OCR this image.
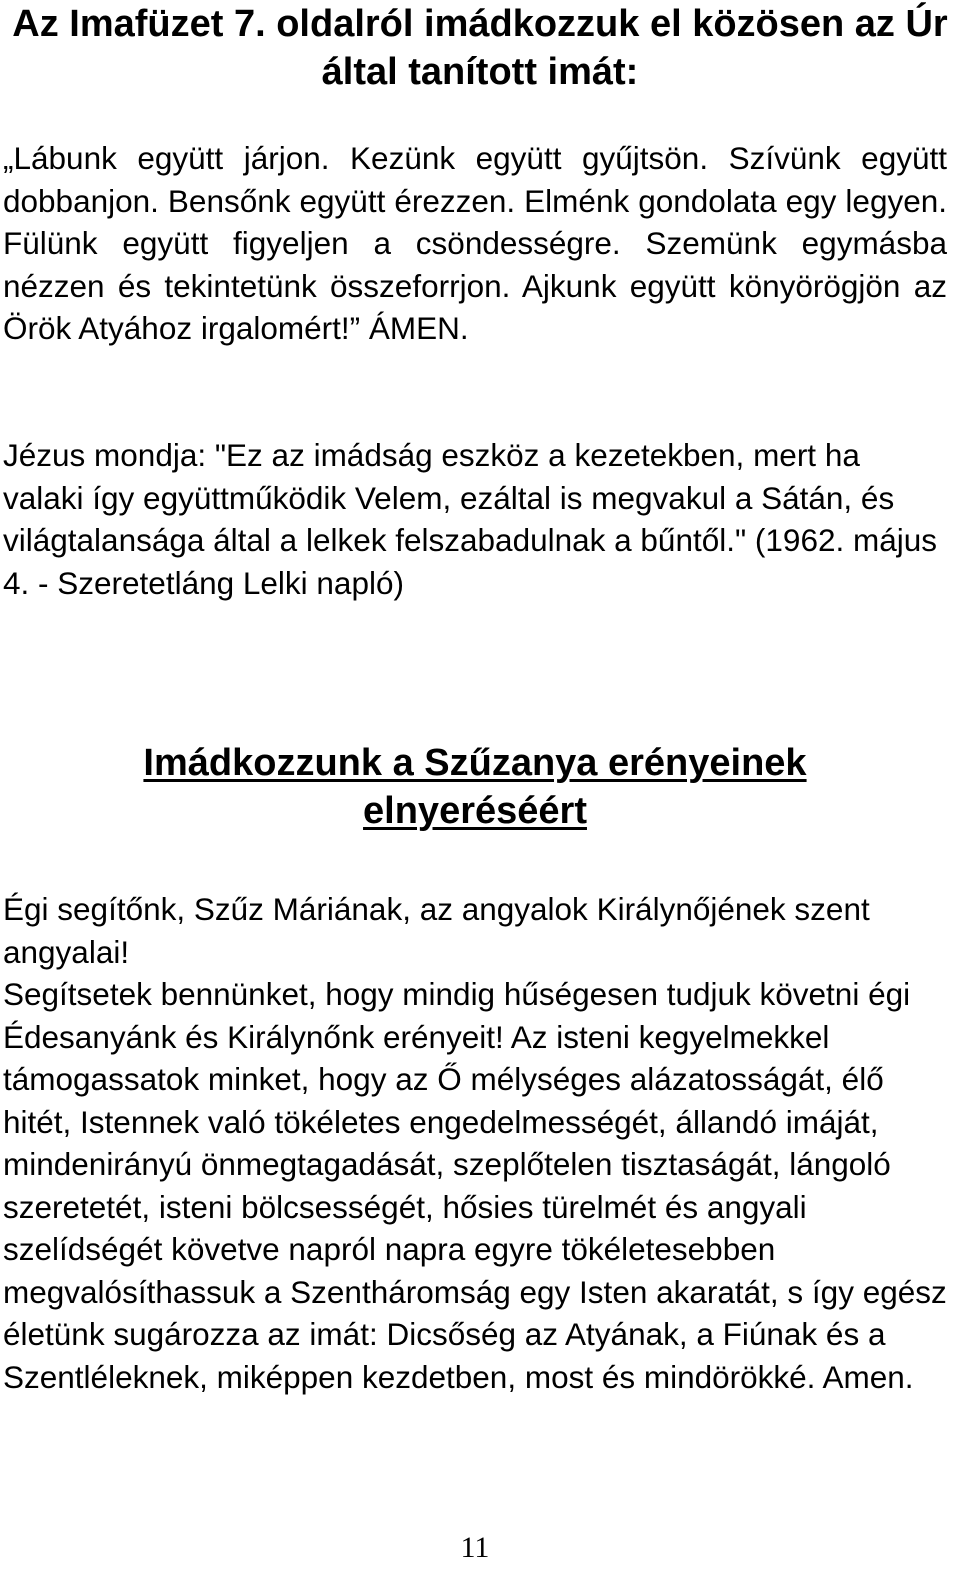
Az Imafüzet 7. oldalról imádkozzuk el közösen az Úr által tanított imát:

„Lábunk együtt járjon. Kezünk együtt gyűjtsön. Szívünk együtt dobbanjon. Bensőnk együtt érezzen. Elménk gondolata egy legyen. Fülünk együtt figyeljen a csöndességre. Szemünk egymásba nézzen és tekintetünk összeforrjon. Ajkunk együtt könyörögjön az Örök Atyához irgalomért!” ÁMEN.

Jézus mondja: "Ez az imádság eszköz a kezetekben, mert ha valaki így együttműködik Velem, ezáltal is megvakul a Sátán, és világtalansága által a lelkek felszabadulnak a bűntől." (1962. május 4. - Szeretetláng Lelki napló)

Imádkozzunk a Szűzanya erényeinek elnyeréséért

Égi segítőnk, Szűz Máriának, az angyalok Királynőjének szent angyalai!
Segítsetek bennünket, hogy mindig hűségesen tudjuk követni égi Édesanyánk és Királynőnk erényeit! Az isteni kegyelmekkel támogassatok minket, hogy az Ő mélységes alázatosságát, élő hitét, Istennek való tökéletes engedelmességét, állandó imáját, mindenirányú önmegtagadását, szeplőtelen tisztaságát, lángoló szeretetét, isteni bölcsességét, hősies türelmét és angyali szelídségét követve napról napra egyre tökéletesebben megvalósíthassuk a Szentháromság egy Isten akaratát, s így egész életünk sugározza az imát: Dicsőség az Atyának, a Fiúnak és a Szentléleknek, miképpen kezdetben, most és mindörökké. Amen.

11
